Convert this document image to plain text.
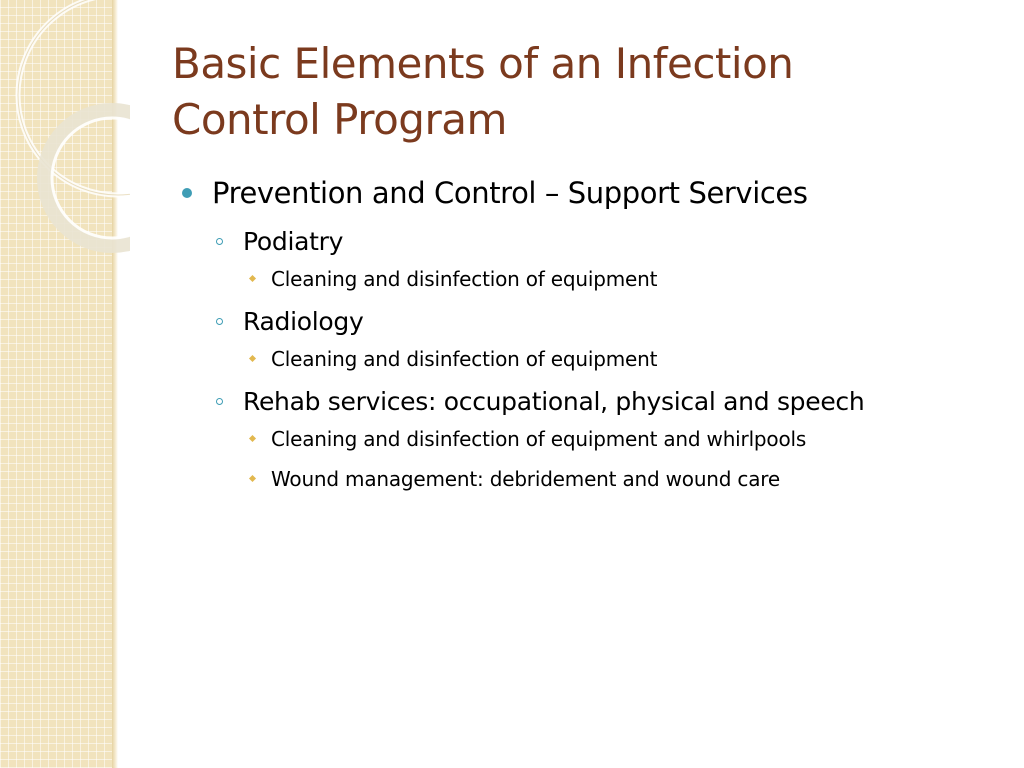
Basic Elements of an Infection
Control Program
Prevention and Control – Support Services
Podiatry
Cleaning and disinfection of equipment
Radiology
Cleaning and disinfection of equipment
Rehab services: occupational, physical and speech
Cleaning and disinfection of equipment and whirlpools
Wound management: debridement and wound care
